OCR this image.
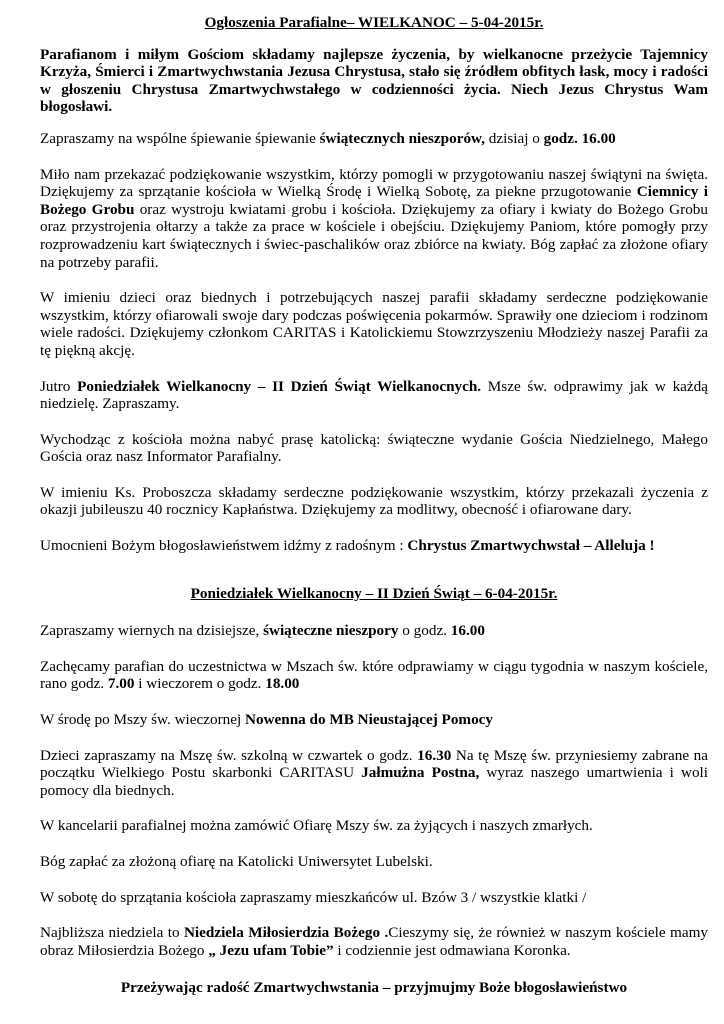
Ogłoszenia Parafialne– WIELKANOC – 5-04-2015r.

Parafianom i miłym Gościom składamy najlepsze życzenia, by wielkanocne przeżycie Tajemnicy Krzyża, Śmierci i Zmartwychwstania Jezusa Chrystusa, stało się źródłem obfitych łask, mocy i radości w głoszeniu Chrystusa Zmartwychwstałego w codzienności życia. Niech Jezus Chrystus Wam błogosławi.

Zapraszamy na wspólne śpiewanie śpiewanie świątecznych nieszporów, dzisiaj o godz. 16.00

Miło nam przekazać podziękowanie wszystkim, którzy pomogli w przygotowaniu naszej świątyni na święta. Dziękujemy za sprzątanie kościoła w Wielką Środę i Wielką Sobotę, za piekne przugotowanie Ciemnicy i Bożego Grobu oraz wystroju kwiatami grobu i kościoła. Dziękujemy za ofiary i kwiaty do Bożego Grobu oraz przystrojenia ołtarzy a także za prace w kościele i obejściu. Dziękujemy Paniom, które pomogły przy rozprowadzeniu kart świątecznych i świec-paschalików oraz zbiórce na kwiaty. Bóg zapłać za złożone ofiary na potrzeby parafii.

W imieniu dzieci oraz biednych i potrzebujących naszej parafii składamy serdeczne podziękowanie wszystkim, którzy ofiarowali swoje dary podczas poświęcenia pokarmów. Sprawiły one dzieciom i rodzinom wiele radości. Dziękujemy członkom CARITAS i Katolickiemu Stowzrzyszeniu Młodzieży naszej Parafii za tę piękną akcję.

Jutro Poniedziałek Wielkanocny – II Dzień Świąt Wielkanocnych. Msze św. odprawimy jak w każdą niedzielę. Zapraszamy.

Wychodząc z kościoła można nabyć prasę katolicką: świąteczne wydanie Gościa Niedzielnego, Małego Gościa oraz nasz Informator Parafialny.

W imieniu Ks. Proboszcza składamy serdeczne podziękowanie wszystkim, którzy przekazali życzenia z okazji jubileuszu 40 rocznicy Kapłaństwa. Dziękujemy za modlitwy, obecność i ofiarowane dary.

Umocnieni Bożym błogosławieństwem idźmy z radośnym : Chrystus Zmartwychwstał – Alleluja !

Poniedziałek Wielkanocny – II Dzień Świąt – 6-04-2015r.

Zapraszamy wiernych na dzisiejsze, świąteczne nieszpory o godz. 16.00

Zachęcamy parafian do uczestnictwa w Mszach św. które odprawiamy w ciągu tygodnia w naszym kościele, rano godz. 7.00 i wieczorem o godz. 18.00

W środę po Mszy św. wieczornej Nowenna do MB Nieustającej Pomocy

Dzieci zapraszamy na Mszę św. szkolną w czwartek o godz. 16.30 Na tę Mszę św. przyniesiemy zabrane na początku Wielkiego Postu skarbonki CARITASU Jałmużna Postna, wyraz naszego umartwienia i woli pomocy dla biednych.

W kancelarii parafialnej można zamówić Ofiarę Mszy św. za żyjących i naszych zmarłych.

Bóg zapłać za złożoną ofiarę na Katolicki Uniwersytet Lubelski.

W sobotę do sprzątania kościoła zapraszamy mieszkańców ul. Bzów 3 / wszystkie klatki /

Najbliższa niedziela to Niedziela Miłosierdzia Bożego .Cieszymy się, że również w naszym kościele mamy obraz Miłosierdzia Bożego „ Jezu ufam Tobie” i codziennie jest odmawiana Koronka.

Przeżywając radość Zmartwychwstania – przyjmujmy Boże błogosławieństwo
